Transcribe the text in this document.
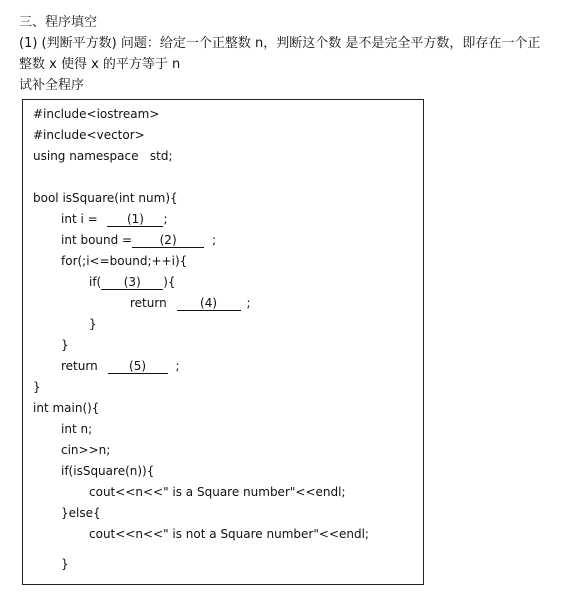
三、程序填空
(1) (判断平方数) 问题：给定一个正整数 n，判断这个数 是不是完全平方数，即存在一个正
整数 x 使得 x 的平方等于 n
试补全程序
#include<iostream>
#include<vector>
using namespace   std;
bool isSquare(int num){
int i = (1) ;
int bound = (2)	;
for(;i<=bound;++i){
if( (3) ){
return (4) ;
}
}
return (5) ;
}
int main(){
int n;
cin>>n;
if(isSquare(n)){
cout<<n<<" is a Square number"<<endl;
}else{
cout<<n<<" is not a Square number"<<endl;
}
